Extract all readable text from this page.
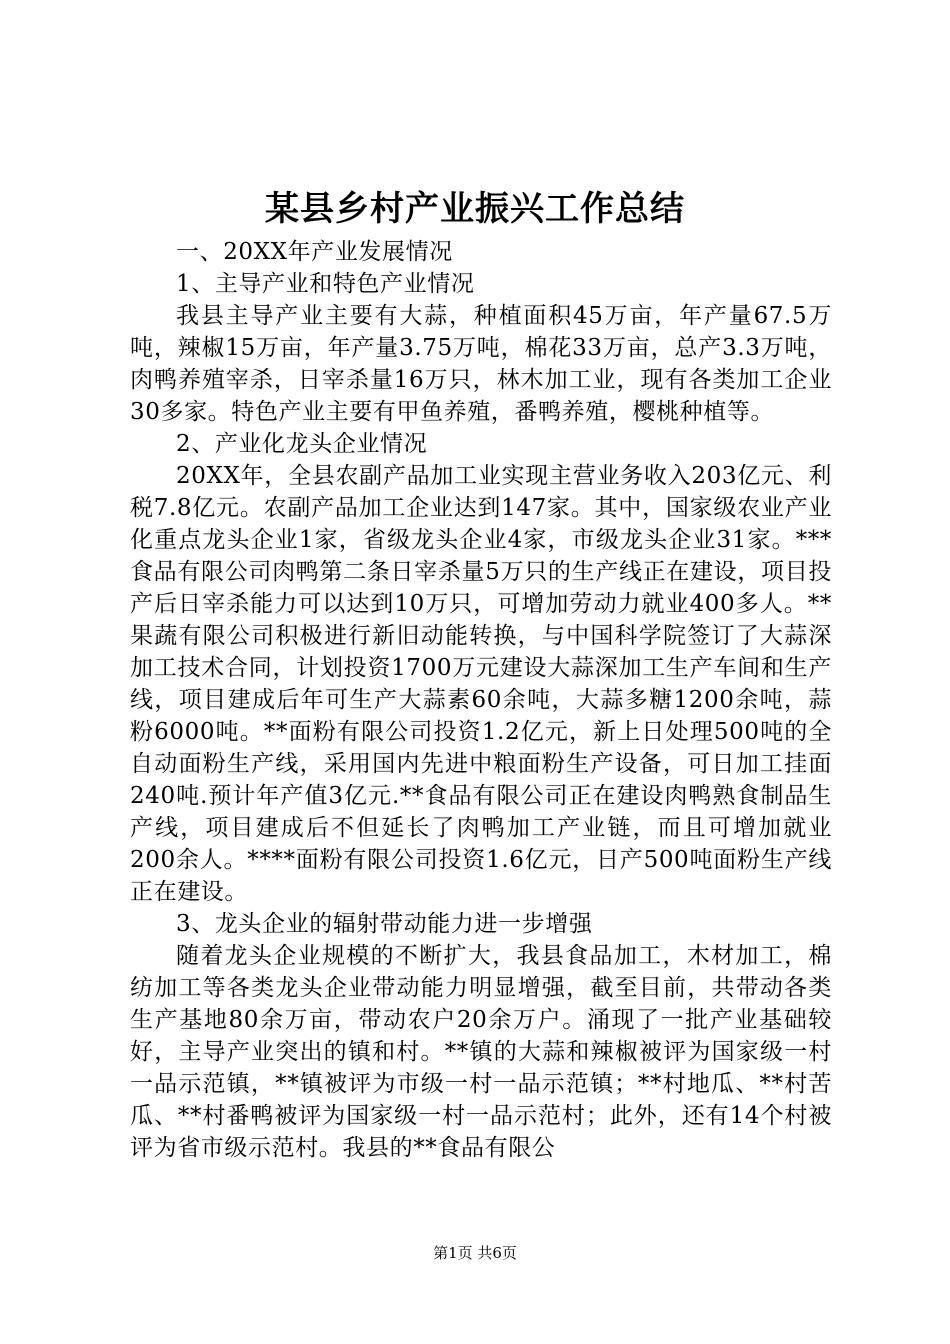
某县乡村产业振兴工作总结

一、20XX年产业发展情况

1、主导产业和特色产业情况

我县主导产业主要有大蒜，种植面积45万亩，年产量67.5万吨，辣椒15万亩，年产量3.75万吨，棉花33万亩，总产3.3万吨，肉鸭养殖宰杀，日宰杀量16万只，林木加工业，现有各类加工企业30多家。特色产业主要有甲鱼养殖，番鸭养殖，樱桃种植等。

2、产业化龙头企业情况

20XX年，全县农副产品加工业实现主营业务收入203亿元、利税7.8亿元。农副产品加工企业达到147家。其中，国家级农业产业化重点龙头企业1家，省级龙头企业4家，市级龙头企业31家。***食品有限公司肉鸭第二条日宰杀量5万只的生产线正在建设，项目投产后日宰杀能力可以达到10万只，可增加劳动力就业400多人。**果蔬有限公司积极进行新旧动能转换，与中国科学院签订了大蒜深加工技术合同，计划投资1700万元建设大蒜深加工生产车间和生产线，项目建成后年可生产大蒜素60余吨，大蒜多糖1200余吨，蒜粉6000吨。**面粉有限公司投资1.2亿元，新上日处理500吨的全自动面粉生产线，采用国内先进中粮面粉生产设备，可日加工挂面240吨.预计年产值3亿元.**食品有限公司正在建设肉鸭熟食制品生产线，项目建成后不但延长了肉鸭加工产业链，而且可增加就业200余人。****面粉有限公司投资1.6亿元，日产500吨面粉生产线正在建设。

3、龙头企业的辐射带动能力进一步增强

随着龙头企业规模的不断扩大，我县食品加工，木材加工，棉纺加工等各类龙头企业带动能力明显增强，截至目前，共带动各类生产基地80余万亩，带动农户20余万户。涌现了一批产业基础较好，主导产业突出的镇和村。**镇的大蒜和辣椒被评为国家级一村一品示范镇，**镇被评为市级一村一品示范镇；**村地瓜、**村苦瓜、**村番鸭被评为国家级一村一品示范村；此外，还有14个村被评为省市级示范村。我县的**食品有限公

第1页 共6页
